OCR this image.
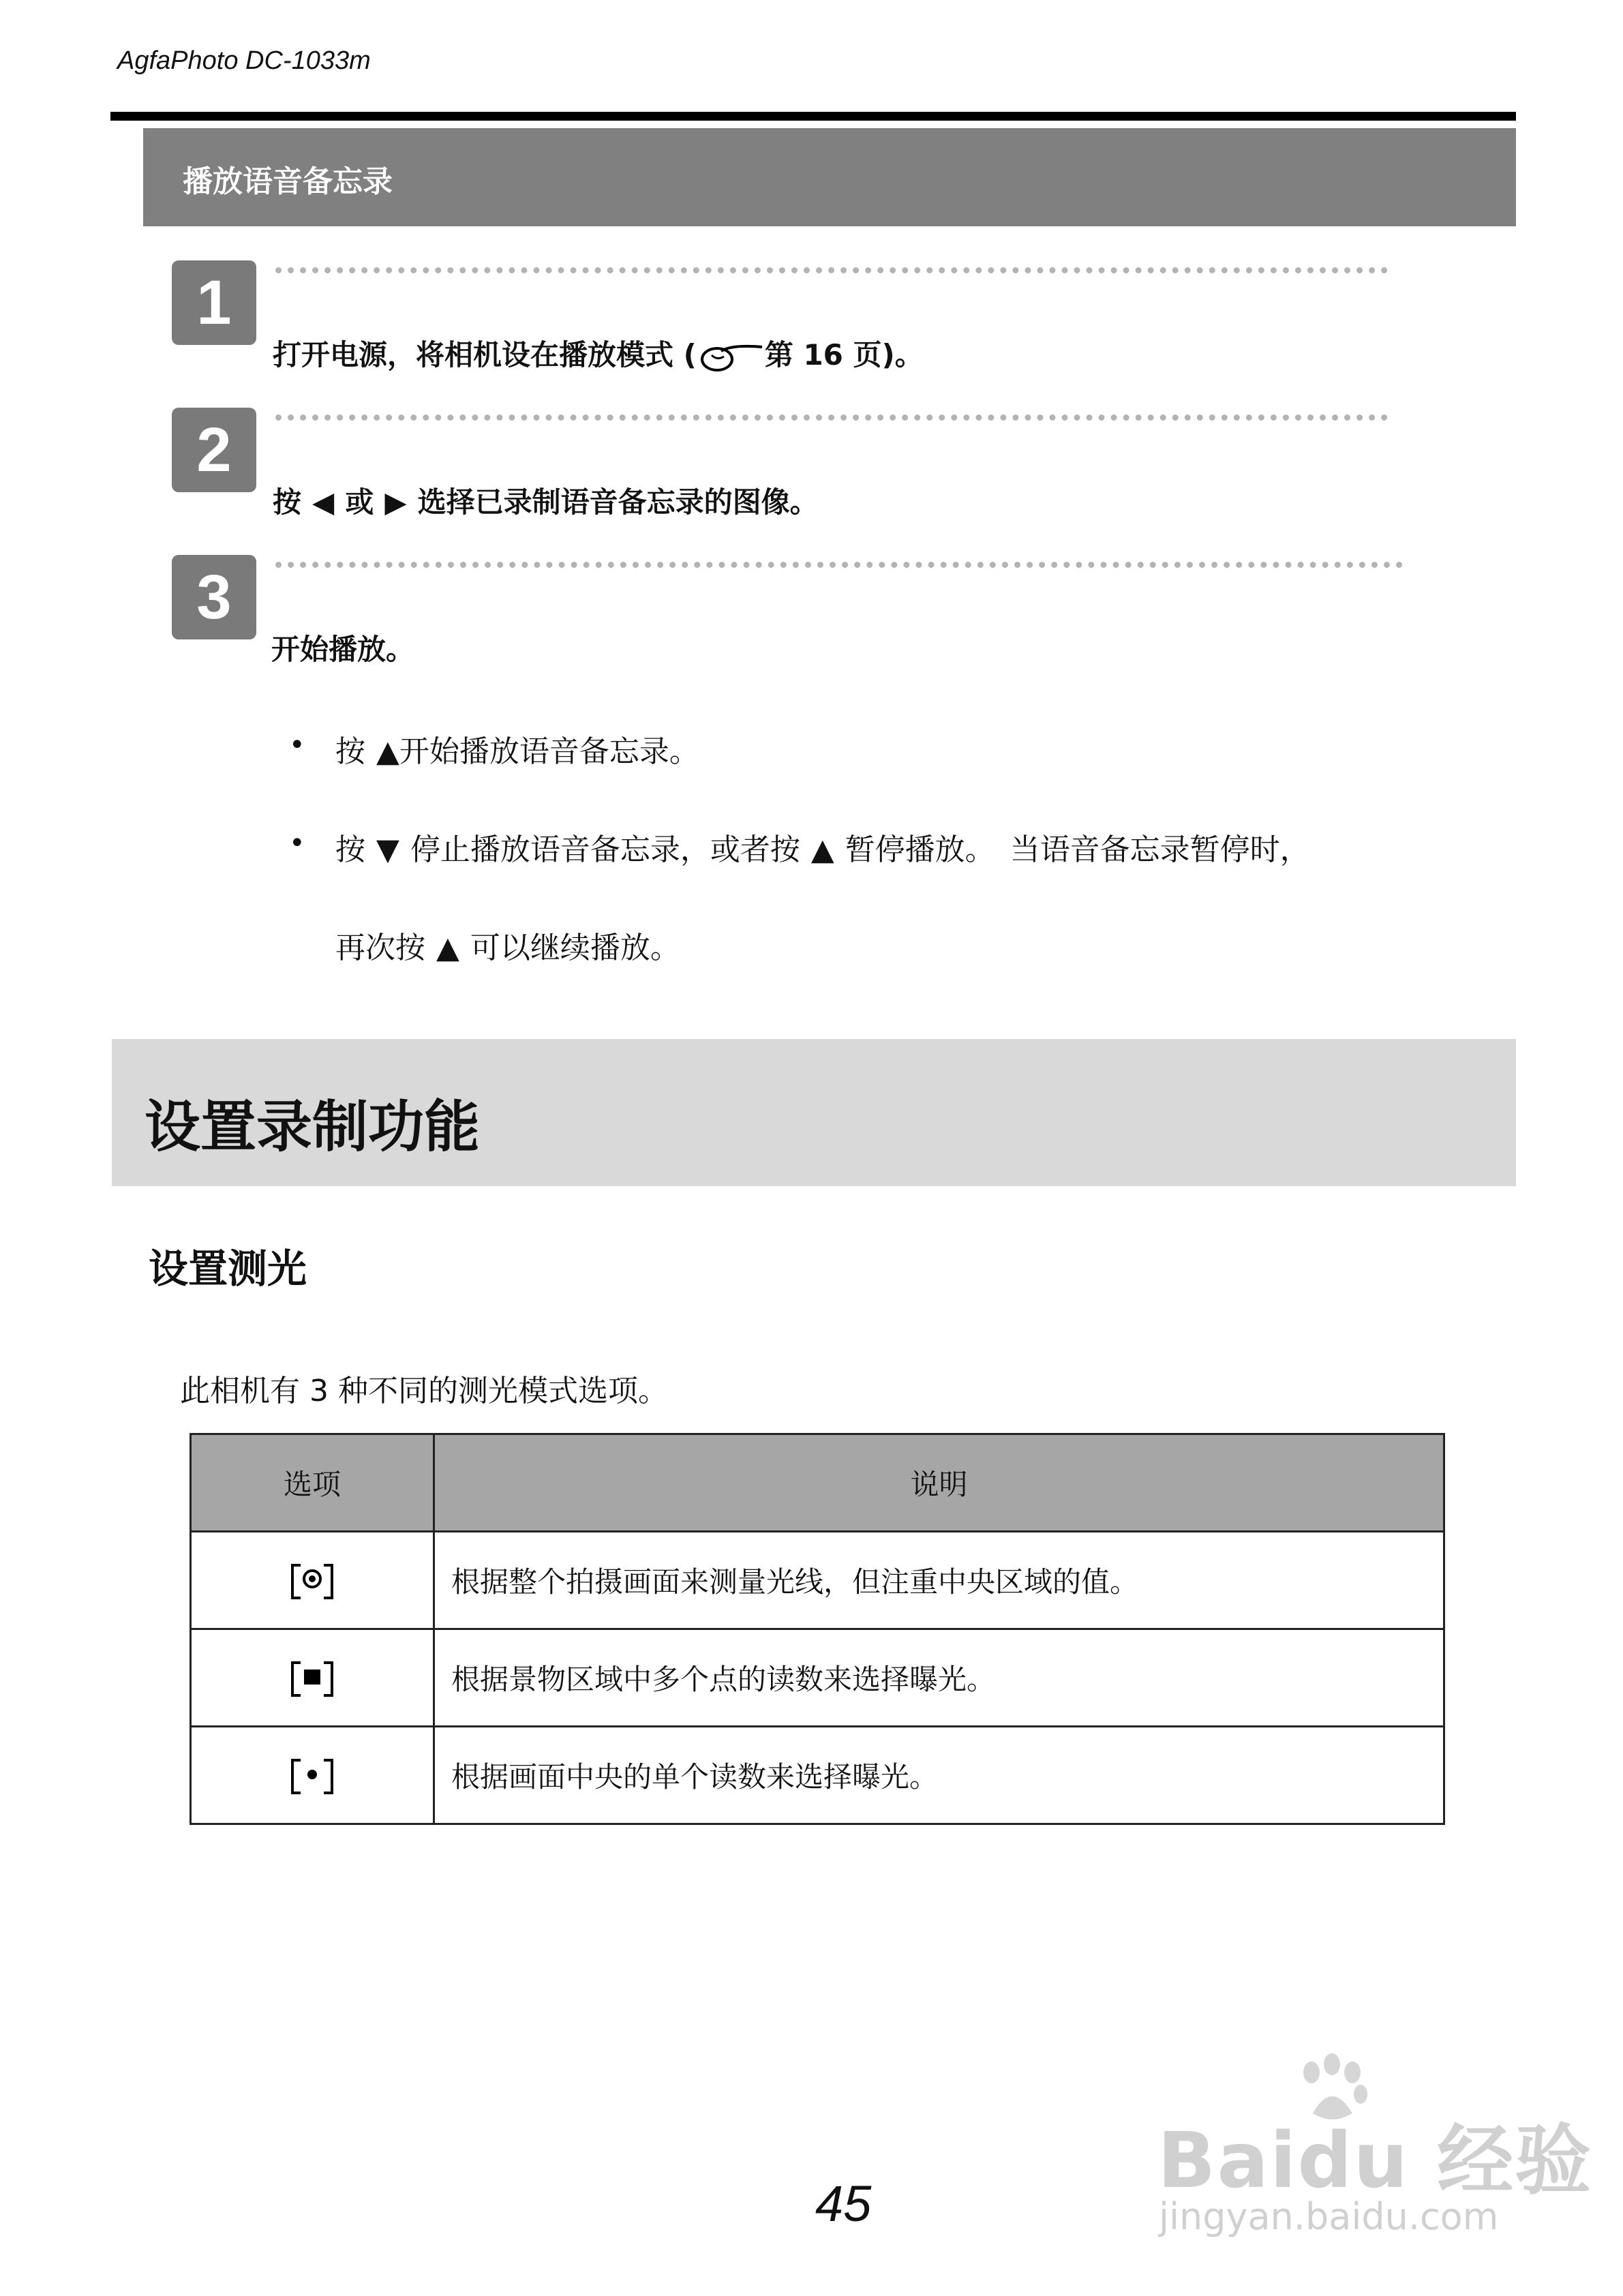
AgfaPhoto DC-1033m
播放语音备忘录
1
打开电源，将相机设在播放模式 ( 第 16 页)。
2
按 ◀ 或 ▶ 选择已录制语音备忘录的图像。
3
开始播放。
• 按 ▲开始播放语音备忘录。
• 按 ▼ 停止播放语音备忘录，或者按 ▲ 暂停播放。　当语音备忘录暂停时，
再次按 ▲ 可以继续播放。
设置录制功能
设置测光
此相机有 3 种不同的测光模式选项。
选项	说明

	根据整个拍摄画面来测量光线，但注重中央区域的值。

	根据景物区域中多个点的读数来选择曝光。

	根据画面中央的单个读数来选择曝光。
45	Baidu 经验
jingyan.baidu.com
